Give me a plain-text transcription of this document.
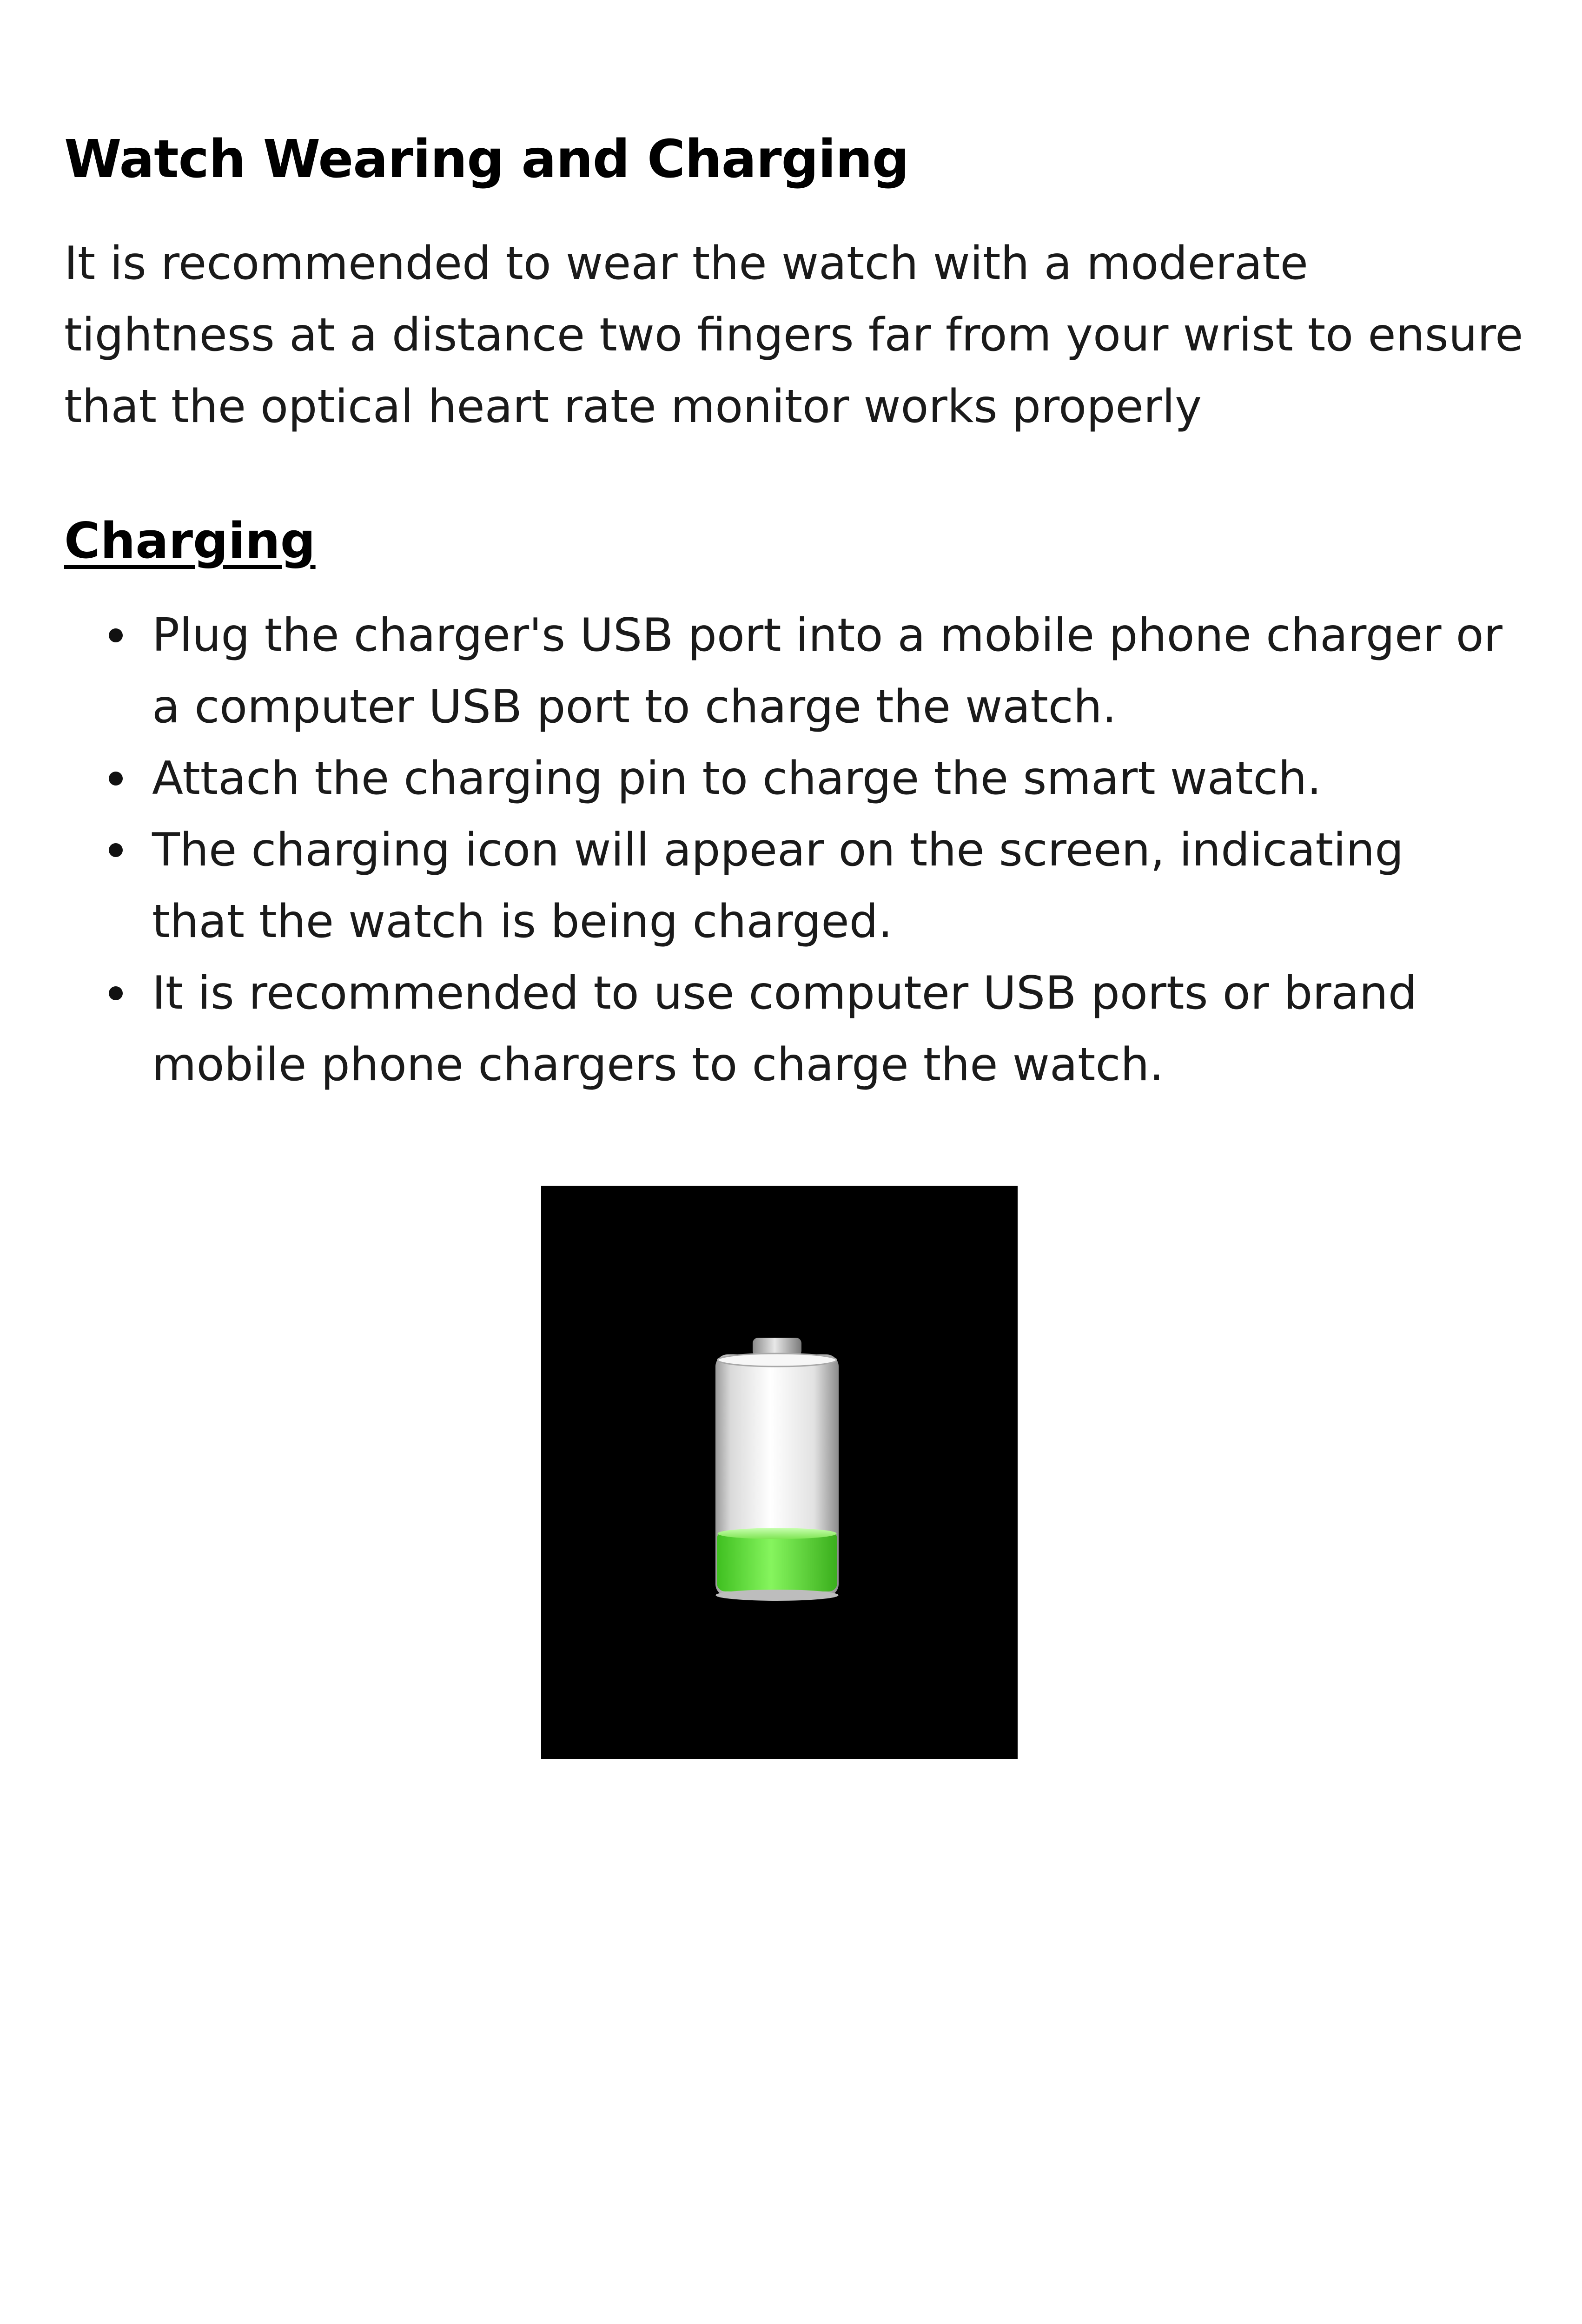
Watch Wearing and Charging

It is recommended to wear the watch with a moderate tightness at a distance two fingers far from your wrist to ensure that the optical heart rate monitor works properly

Charging
Plug the charger's USB port into a mobile phone charger or a computer USB port to charge the watch.
Attach the charging pin to charge the smart watch.
The charging icon will appear on the screen, indicating that the watch is being charged.
It is recommended to use computer USB ports or brand mobile phone chargers to charge the watch.
